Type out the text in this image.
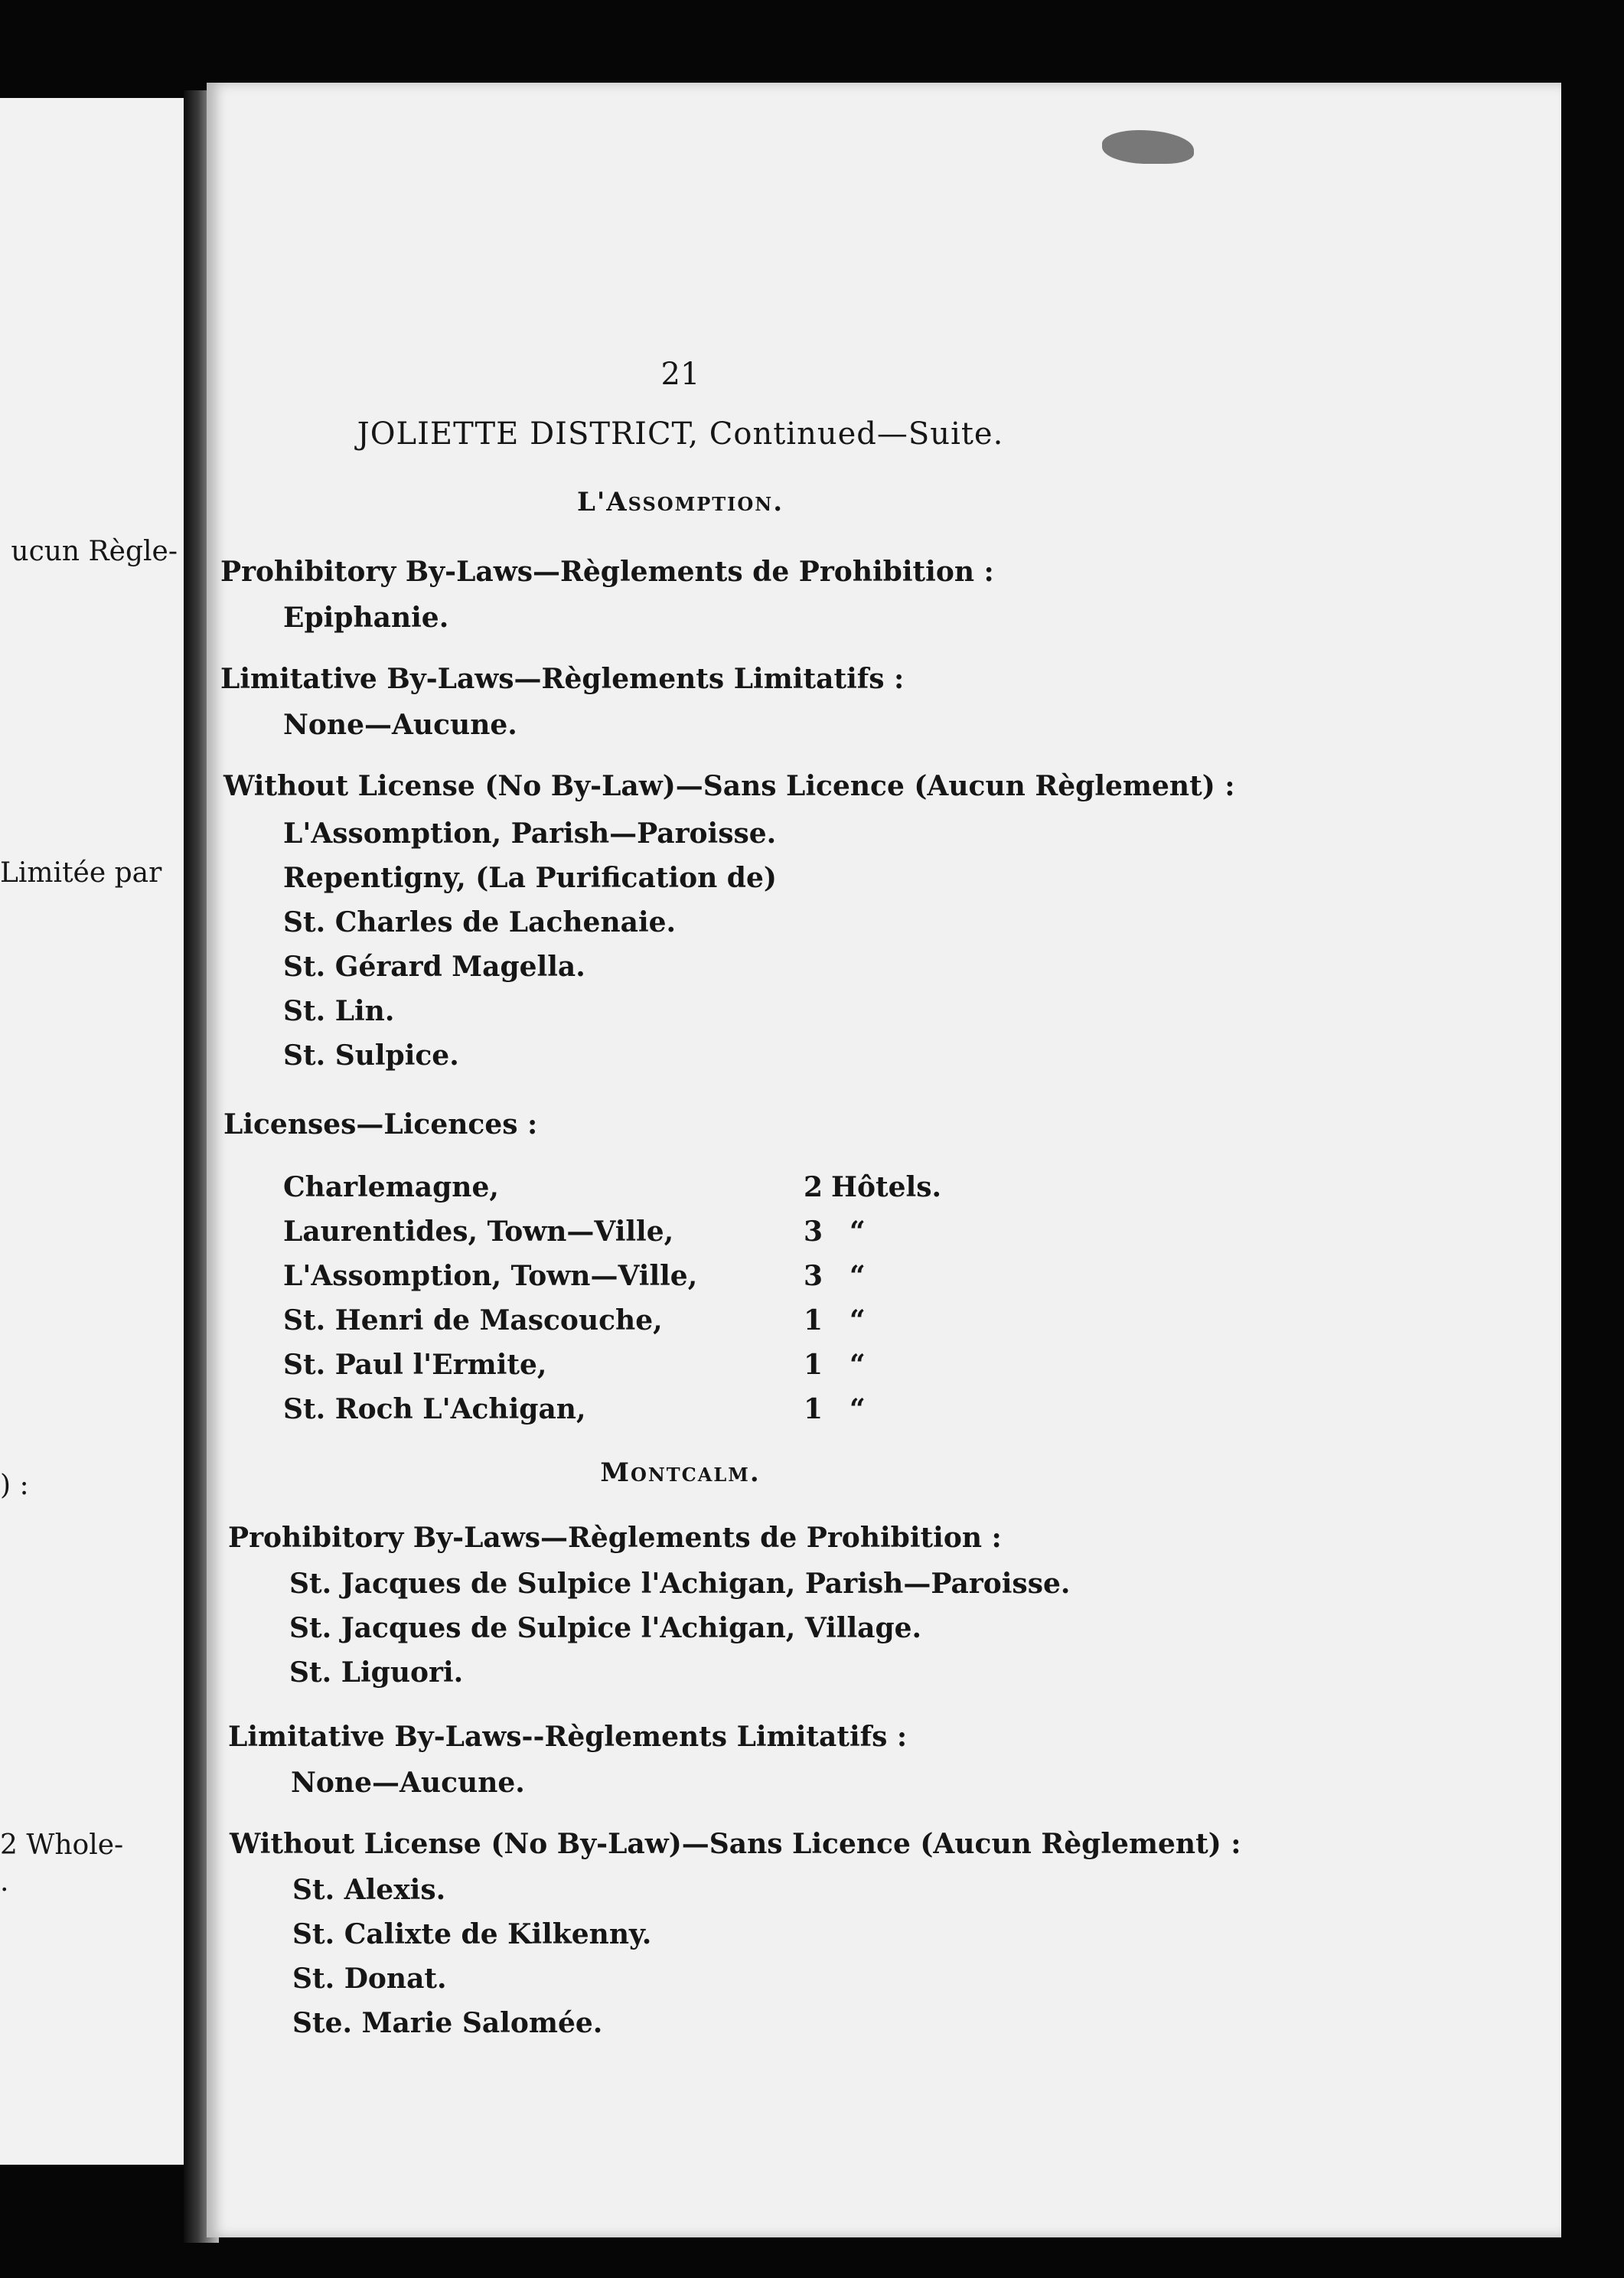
ucun Règle-
Limitée par
) :
2 Whole-
.
21
JOLIETTE DISTRICT, Continued—Suite.
L'Assomption.
Prohibitory By-Laws—Règlements de Prohibition :
Epiphanie.
Limitative By-Laws—Règlements Limitatifs :
None—Aucune.
Without License (No By-Law)—Sans Licence (Aucun Règlement) :
L'Assomption, Parish—Paroisse.
Repentigny, (La Purification de)
St. Charles de Lachenaie.
St. Gérard Magella.
St. Lin.
St. Sulpice.
Licenses—Licences :
Charlemagne,	2 Hôtels.
Laurentides, Town—Ville,	3 “
L'Assomption, Town—Ville,	3 “
St. Henri de Mascouche,	1 “
St. Paul l'Ermite,	1 “
St. Roch L'Achigan,	1 “
Montcalm.
Prohibitory By-Laws—Règlements de Prohibition :
St. Jacques de Sulpice l'Achigan, Parish—Paroisse.
St. Jacques de Sulpice l'Achigan, Village.
St. Liguori.
Limitative By-Laws--Règlements Limitatifs :
None—Aucune.
Without License (No By-Law)—Sans Licence (Aucun Règlement) :
St. Alexis.
St. Calixte de Kilkenny.
St. Donat.
Ste. Marie Salomée.
